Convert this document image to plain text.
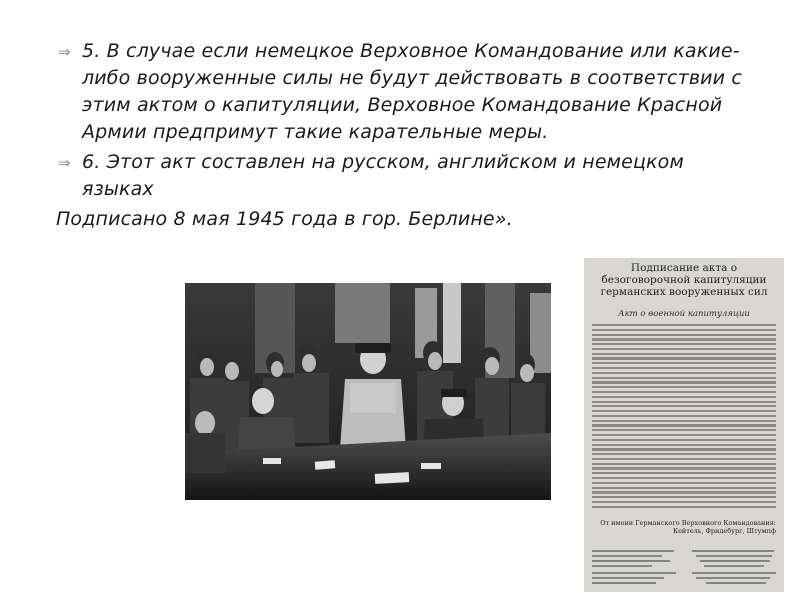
⇒ 5. В случае если немецкое Верховное Командование или какие-либо вооруженные силы не будут действовать в соответствии с этим актом о капитуляции, Верховное Командование Красной Армии предпримут такие карательные меры.

⇒ 6. Этот акт составлен на русском, английском и немецком языках

Подписано 8 мая 1945 года в гор. Берлине».

Подписание акта о безоговорочной капитуляции германских вооруженных сил
Акт о военной капитуляции
От имени Германского Верховного Командования: Кейтель, Фридебург, Штумпф
